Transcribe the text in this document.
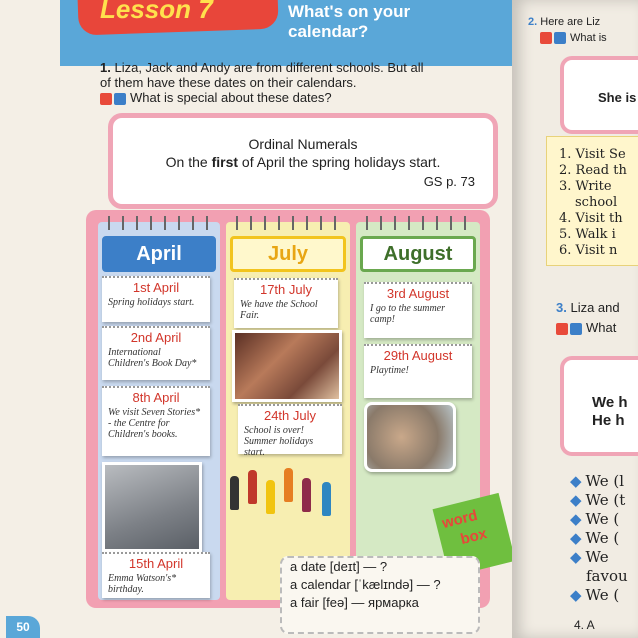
Lesson 7	What's on your
calendar?
1. Liza, Jack and Andy are from different schools. But all
of them have these dates on their calendars.
What is special about these dates?
Ordinal Numerals
On the first of April the spring holidays start.
GS p. 73
April
1st April
Spring holidays start.
2nd April
International Children's Book Day*
8th April
We visit Seven Stories* - the Centre for Children's books.
15th April
Emma Watson's* birthday.
July
17th July
We have the School Fair.
24th July
School is over! Summer holidays start.
August
3rd August
I go to the summer camp!
29th August
Playtime!
word
box
a date [deɪt] — ?
a calendar [ˈkælɪndə] — ?
a fair [feə] — ярмарка
50
2. Here are Liz
What is
She is
1. Visit Se
2. Read th
3. Write
school
4. Visit th
5. Walk i
6. Visit n
3. Liza and
What
We h
He h
◆ We (l
◆ We (t
◆ We (
◆ We (
◆ We
favou
◆ We (
4. A
